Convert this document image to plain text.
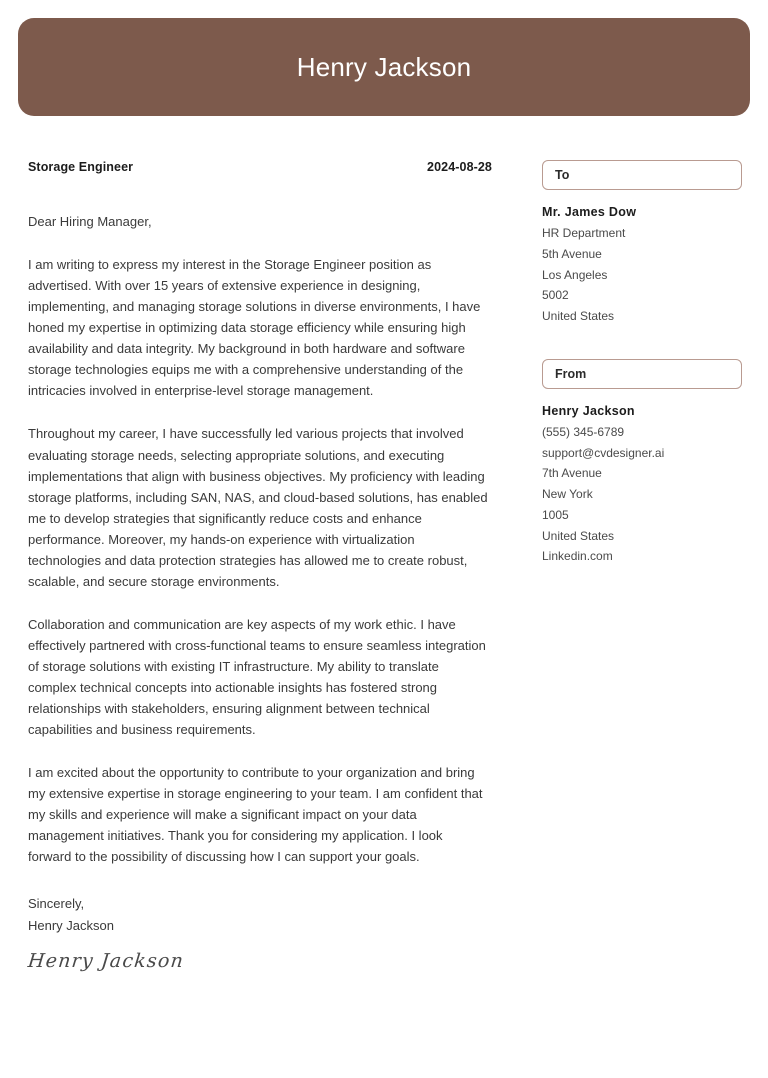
Henry Jackson
Storage Engineer	2024-08-28
Dear Hiring Manager,
I am writing to express my interest in the Storage Engineer position as advertised. With over 15 years of extensive experience in designing, implementing, and managing storage solutions in diverse environments, I have honed my expertise in optimizing data storage efficiency while ensuring high availability and data integrity. My background in both hardware and software storage technologies equips me with a comprehensive understanding of the intricacies involved in enterprise-level storage management.
Throughout my career, I have successfully led various projects that involved evaluating storage needs, selecting appropriate solutions, and executing implementations that align with business objectives. My proficiency with leading storage platforms, including SAN, NAS, and cloud-based solutions, has enabled me to develop strategies that significantly reduce costs and enhance performance. Moreover, my hands-on experience with virtualization technologies and data protection strategies has allowed me to create robust, scalable, and secure storage environments.
Collaboration and communication are key aspects of my work ethic. I have effectively partnered with cross-functional teams to ensure seamless integration of storage solutions with existing IT infrastructure. My ability to translate complex technical concepts into actionable insights has fostered strong relationships with stakeholders, ensuring alignment between technical capabilities and business requirements.
I am excited about the opportunity to contribute to your organization and bring my extensive expertise in storage engineering to your team. I am confident that my skills and experience will make a significant impact on your data management initiatives. Thank you for considering my application. I look forward to the possibility of discussing how I can support your goals.
Sincerely,
Henry Jackson
Henry Jackson
To
Mr. James Dow
HR Department
5th Avenue
Los Angeles
5002
United States
From
Henry Jackson
(555) 345-6789
support@cvdesigner.ai
7th Avenue
New York
1005
United States
Linkedin.com
